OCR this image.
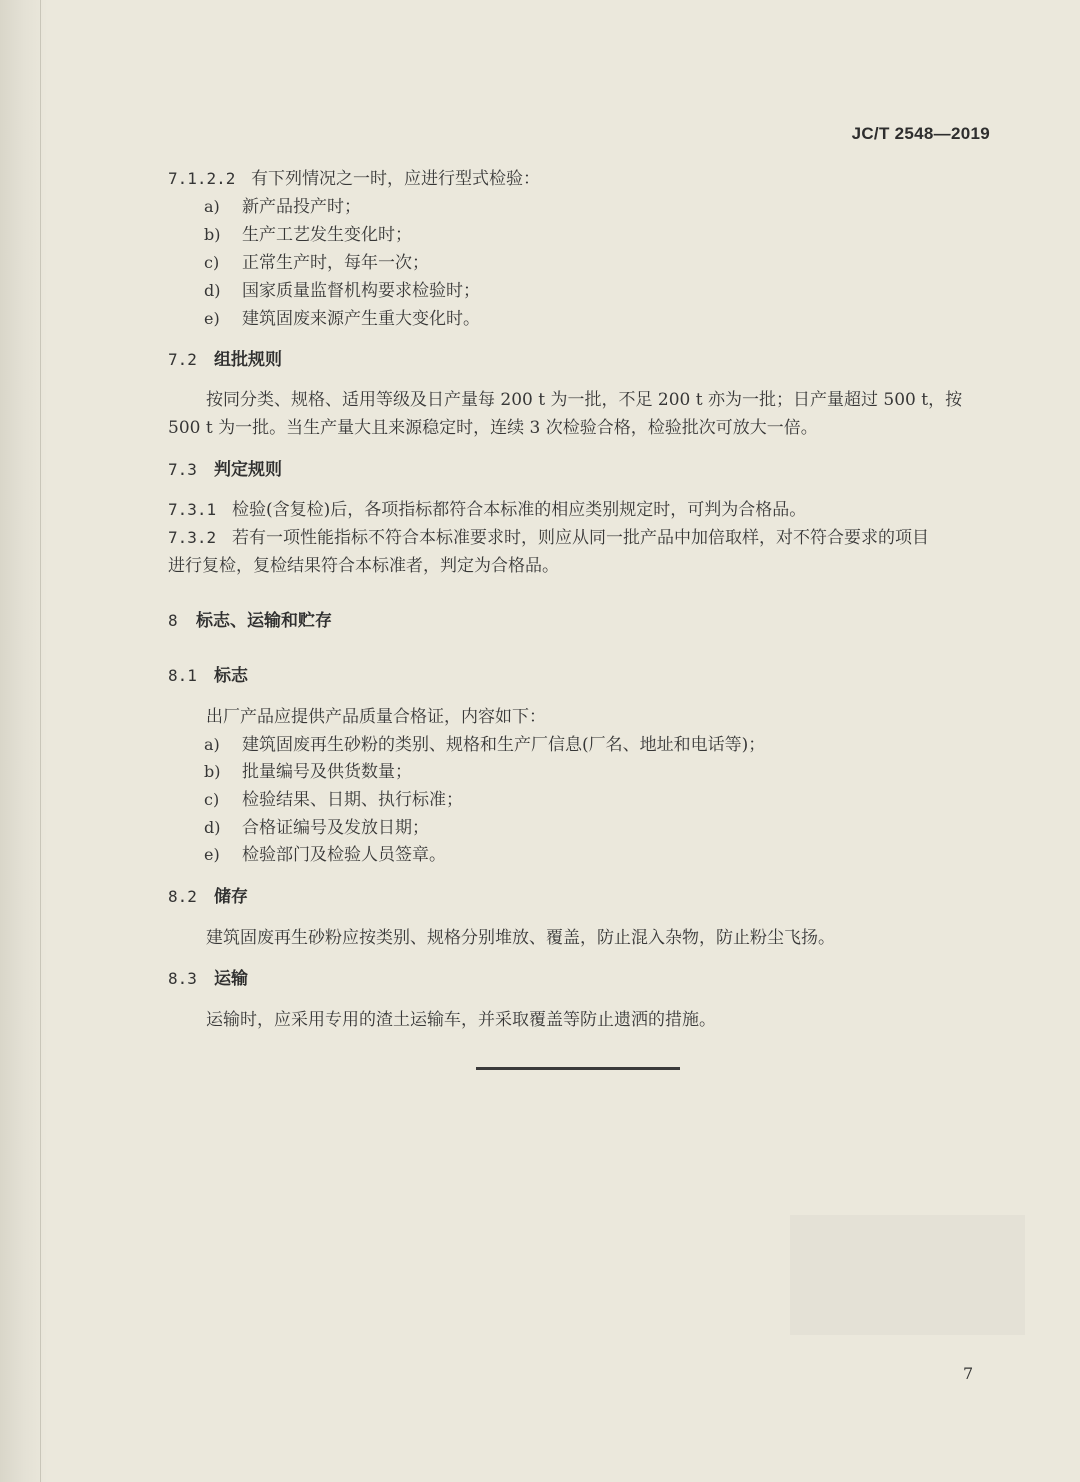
JC/T 2548—2019
7.1.2.2 有下列情况之一时，应进行型式检验：
a) 新产品投产时；
b) 生产工艺发生变化时；
c) 正常生产时，每年一次；
d) 国家质量监督机构要求检验时；
e) 建筑固废来源产生重大变化时。
7.2 组批规则
按同分类、规格、适用等级及日产量每 200 t 为一批，不足 200 t 亦为一批；日产量超过 500 t，按
500 t 为一批。当生产量大且来源稳定时，连续 3 次检验合格，检验批次可放大一倍。
7.3 判定规则
7.3.1 检验(含复检)后，各项指标都符合本标准的相应类别规定时，可判为合格品。
7.3.2 若有一项性能指标不符合本标准要求时，则应从同一批产品中加倍取样，对不符合要求的项目
进行复检，复检结果符合本标准者，判定为合格品。
8 标志、运输和贮存
8.1 标志
出厂产品应提供产品质量合格证，内容如下：
a) 建筑固废再生砂粉的类别、规格和生产厂信息(厂名、地址和电话等)；
b) 批量编号及供货数量；
c) 检验结果、日期、执行标准；
d) 合格证编号及发放日期；
e) 检验部门及检验人员签章。
8.2 储存
建筑固废再生砂粉应按类别、规格分别堆放、覆盖，防止混入杂物，防止粉尘飞扬。
8.3 运输
运输时，应采用专用的渣土运输车，并采取覆盖等防止遗洒的措施。
7
